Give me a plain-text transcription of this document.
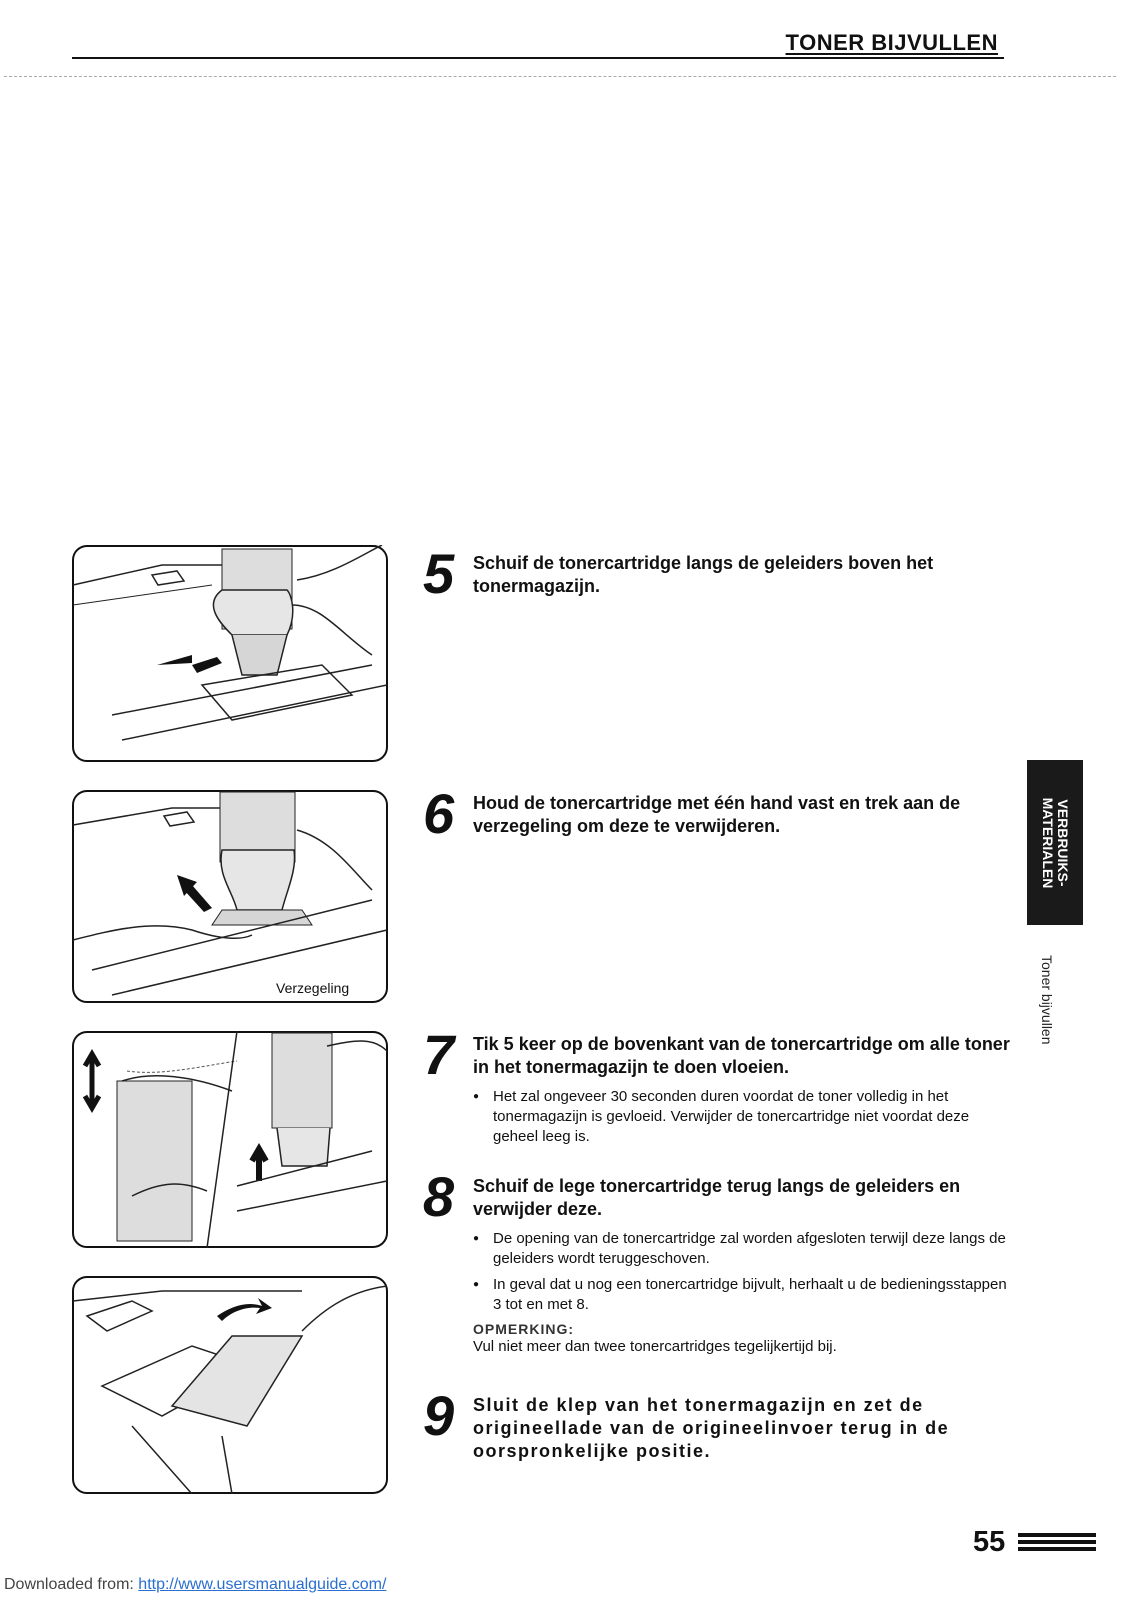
TONER BIJVULLEN
Verzegeling
5	Schuif de tonercartridge langs de geleiders boven het tonermagazijn.
6	Houd de tonercartridge met één hand vast en trek aan de verzegeling om deze te verwijderen.
7	Tik 5 keer op de bovenkant van de tonercartridge om alle toner in het tonermagazijn te doen vloeien.
● Het zal ongeveer 30 seconden duren voordat de toner volledig in het tonermagazijn is gevloeid. Verwijder de tonercartridge niet voordat deze geheel leeg is.
8	Schuif de lege tonercartridge terug langs de geleiders en verwijder deze.
● De opening van de tonercartridge zal worden afgesloten terwijl deze langs de geleiders wordt teruggeschoven.
● In geval dat u nog een tonercartridge bijvult, herhaalt u de bedieningsstappen 3 tot en met 8.
OPMERKING:
Vul niet meer dan twee tonercartridges tegelijkertijd bij.
9	Sluit de klep van het tonermagazijn en zet de origineellade van de origineelinvoer terug in de oorspronkelijke positie.
VERBRUIKS-
MATERIALEN
Toner bijvullen
55
Downloaded from: http://www.usersmanualguide.com/
